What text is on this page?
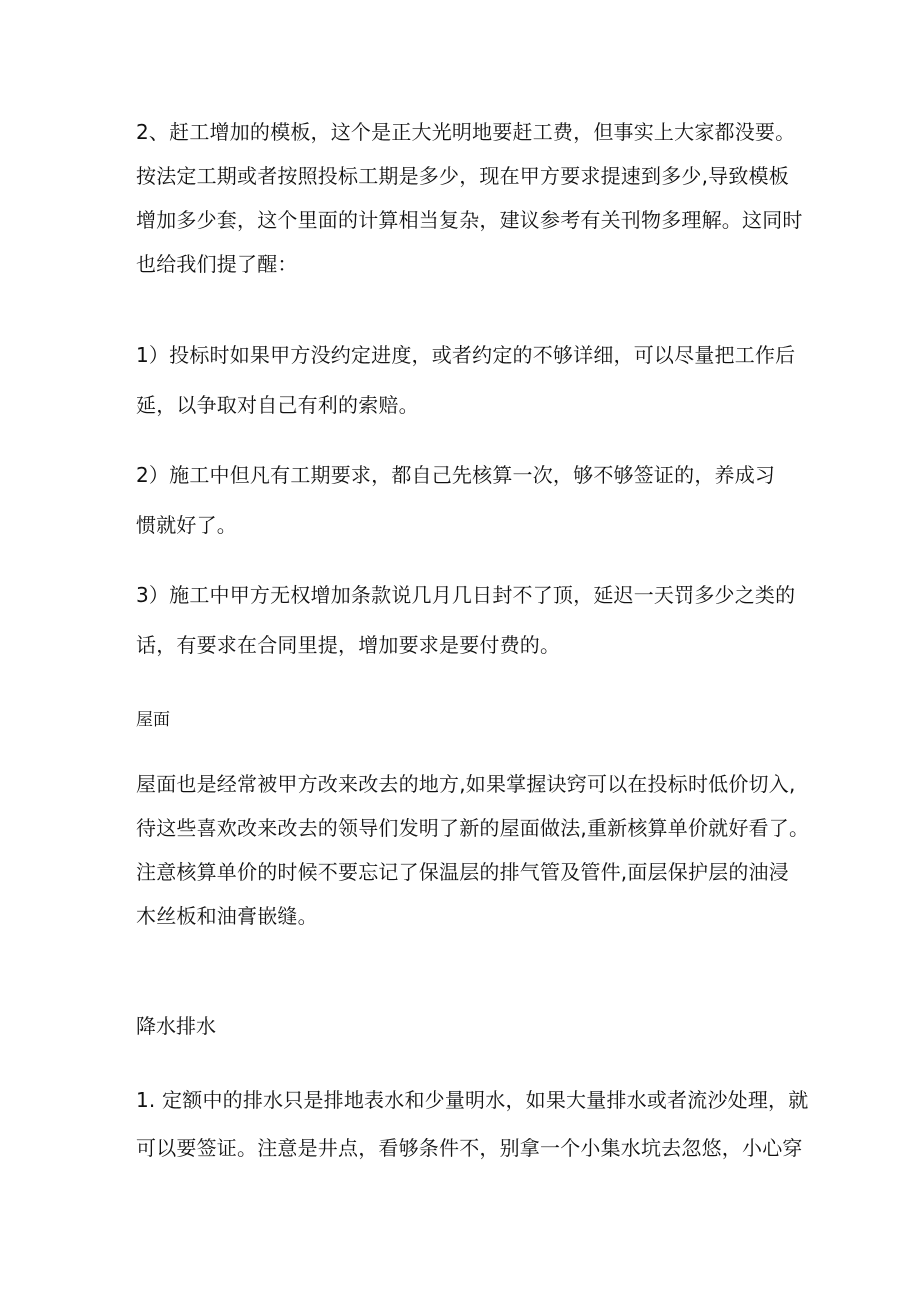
2、赶工增加的模板，这个是正大光明地要赶工费，但事实上大家都没要。
按法定工期或者按照投标工期是多少，现在甲方要求提速到多少,导致模板
增加多少套，这个里面的计算相当复杂，建议参考有关刊物多理解。这同时
也给我们提了醒：

1）投标时如果甲方没约定进度，或者约定的不够详细，可以尽量把工作后
延，以争取对自己有利的索赔。

2）施工中但凡有工期要求，都自己先核算一次，够不够签证的，养成习
惯就好了。

3）施工中甲方无权增加条款说几月几日封不了顶，延迟一天罚多少之类的
话，有要求在合同里提，增加要求是要付费的。

屋面

屋面也是经常被甲方改来改去的地方,如果掌握诀窍可以在投标时低价切入,
待这些喜欢改来改去的领导们发明了新的屋面做法,重新核算单价就好看了。
注意核算单价的时候不要忘记了保温层的排气管及管件,面层保护层的油浸
木丝板和油膏嵌缝。

降水排水

1. 定额中的排水只是排地表水和少量明水，如果大量排水或者流沙处理，就
可以要签证。注意是井点，看够条件不，别拿一个小集水坑去忽悠，小心穿
